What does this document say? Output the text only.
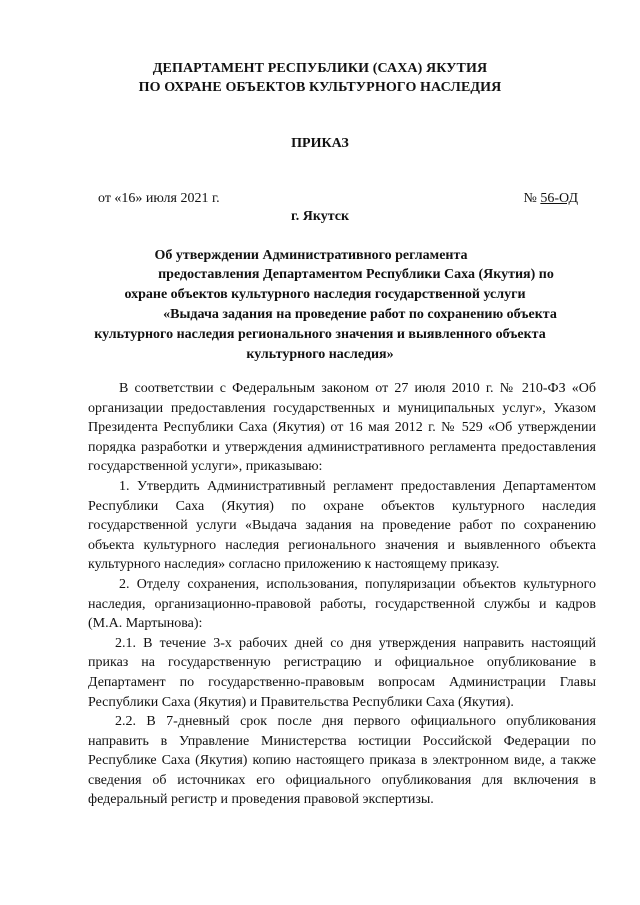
ДЕПАРТАМЕНТ РЕСПУБЛИКИ (САХА) ЯКУТИЯ
ПО ОХРАНЕ ОБЪЕКТОВ КУЛЬТУРНОГО НАСЛЕДИЯ
ПРИКАЗ
от «16» июля 2021 г.	№ 56-ОД
г. Якутск
Об утверждении Административного регламента
предоставления Департаментом Республики Саха (Якутия) по
охране объектов культурного наследия государственной услуги
«Выдача задания на проведение работ по сохранению объекта
культурного наследия регионального значения и выявленного объекта
культурного наследия»

В соответствии с Федеральным законом от 27 июля 2010 г. № 210-ФЗ «Об организации предоставления государственных и муниципальных услуг», Указом Президента Республики Саха (Якутия) от 16 мая 2012 г. № 529 «Об утверждении порядка разработки и утверждения административного регламента предоставления государственной услуги», приказываю:

1. Утвердить Административный регламент предоставления Департаментом Республики Саха (Якутия) по охране объектов культурного наследия государственной услуги «Выдача задания на проведение работ по сохранению объекта культурного наследия регионального значения и выявленного объекта культурного наследия» согласно приложению к настоящему приказу.

2. Отделу сохранения, использования, популяризации объектов культурного наследия, организационно-правовой работы, государственной службы и кадров (М.А. Мартынова):

2.1. В течение 3-х рабочих дней со дня утверждения направить настоящий приказ на государственную регистрацию и официальное опубликование в Департамент по государственно-правовым вопросам Администрации Главы Республики Саха (Якутия) и Правительства Республики Саха (Якутия).

2.2. В 7-дневный срок после дня первого официального опубликования направить в Управление Министерства юстиции Российской Федерации по Республике Саха (Якутия) копию настоящего приказа в электронном виде, а также сведения об источниках его официального опубликования для включения в федеральный регистр и проведения правовой экспертизы.
